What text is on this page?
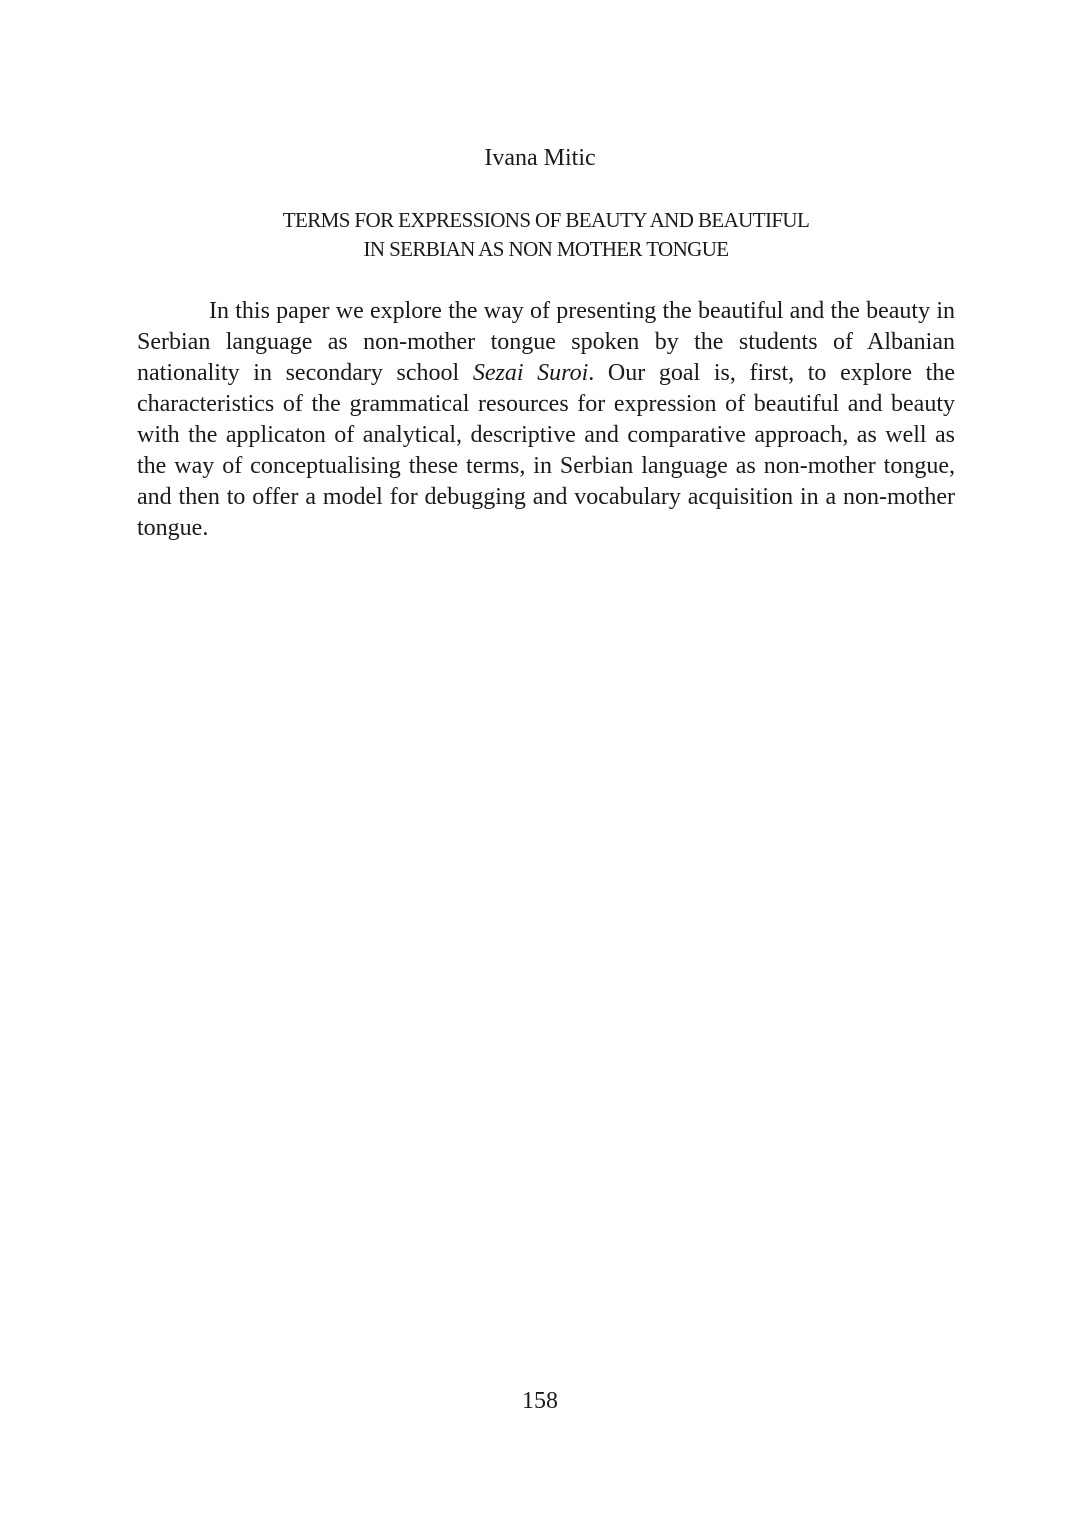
Ivana Mitic
TERMS FOR EXPRESSIONS OF BEAUTY AND BEAUTIFUL
IN SERBIAN AS NON MOTHER TONGUE

In this paper we explore the way of presenting the beautiful and the beauty in Serbian language as non-mother tongue spoken by the students of Albanian nationality in secondary school Sezai Suroi. Our goal is, first, to explore the characteristics of the grammatical resources for expression of beautiful and beauty with the applicaton of analytical, descriptive and comparative approach, as well as the way of conceptualising these terms, in Serbian language as non-mother tongue, and then to offer a model for debugging and vocabulary acquisition in a non-mother tongue.

158
